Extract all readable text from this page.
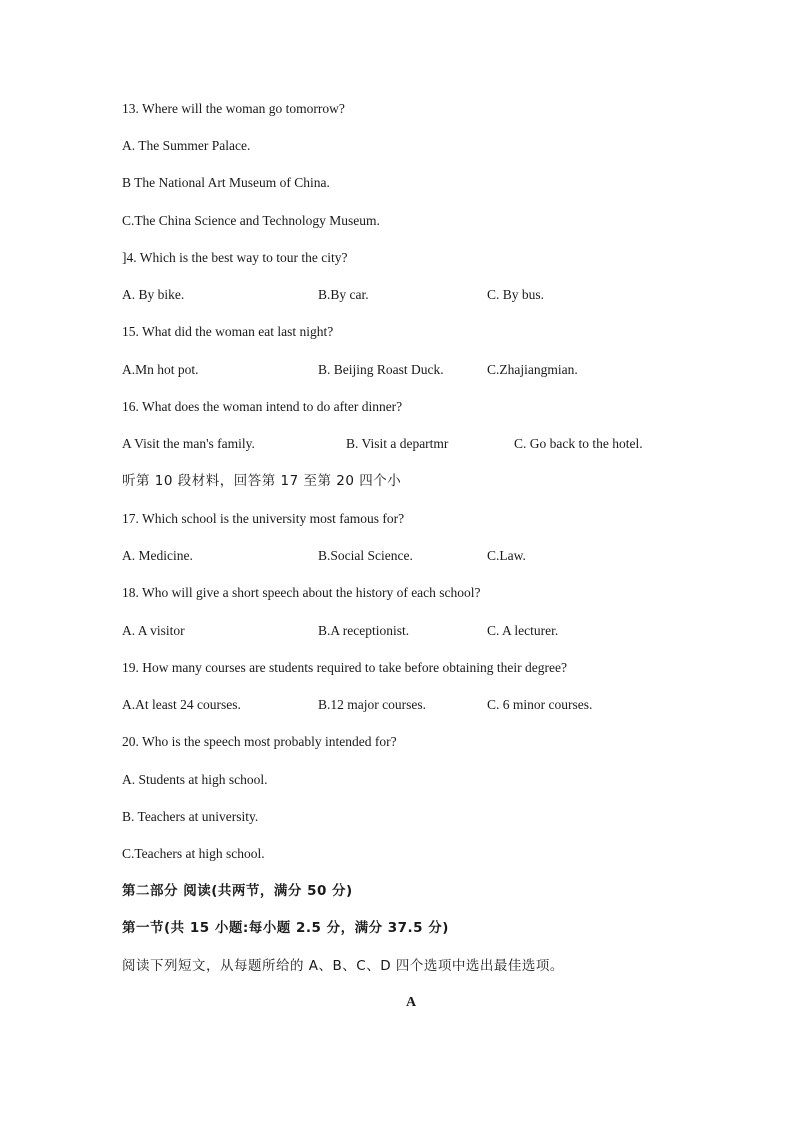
13. Where will the woman go tomorrow?
A. The Summer Palace.
B The National Art Museum of China.
C.The China Science and Technology Museum.
]4. Which is the best way to tour the city?
A. By bike.	B.By car.	C. By bus.
15. What did the woman eat last night?
A.Mn hot pot.	B. Beijing Roast Duck.	C.Zhajiangmian.
16. What does the woman intend to do after dinner?
A Visit the man's family.	B. Visit a departmr	C. Go back to the hotel.
听第 10 段材料，回答第 17 至第 20 四个小
17. Which school is the university most famous for?
A. Medicine.	B.Social Science.	C.Law.
18. Who will give a short speech about the history of each school?
A. A visitor	B.A receptionist.	C. A lecturer.
19. How many courses are students required to take before obtaining their degree?
A.At least 24 courses.	B.12 major courses.	C. 6 minor courses.
20. Who is the speech most probably intended for?
A. Students at high school.
B. Teachers at university.
C.Teachers at high school.
第二部分 阅读(共两节，满分 50 分)
第一节(共 15 小题:每小题 2.5 分，满分 37.5 分)
阅读下列短文，从每题所给的 A、B、C、D 四个选项中选出最佳选项。
A
